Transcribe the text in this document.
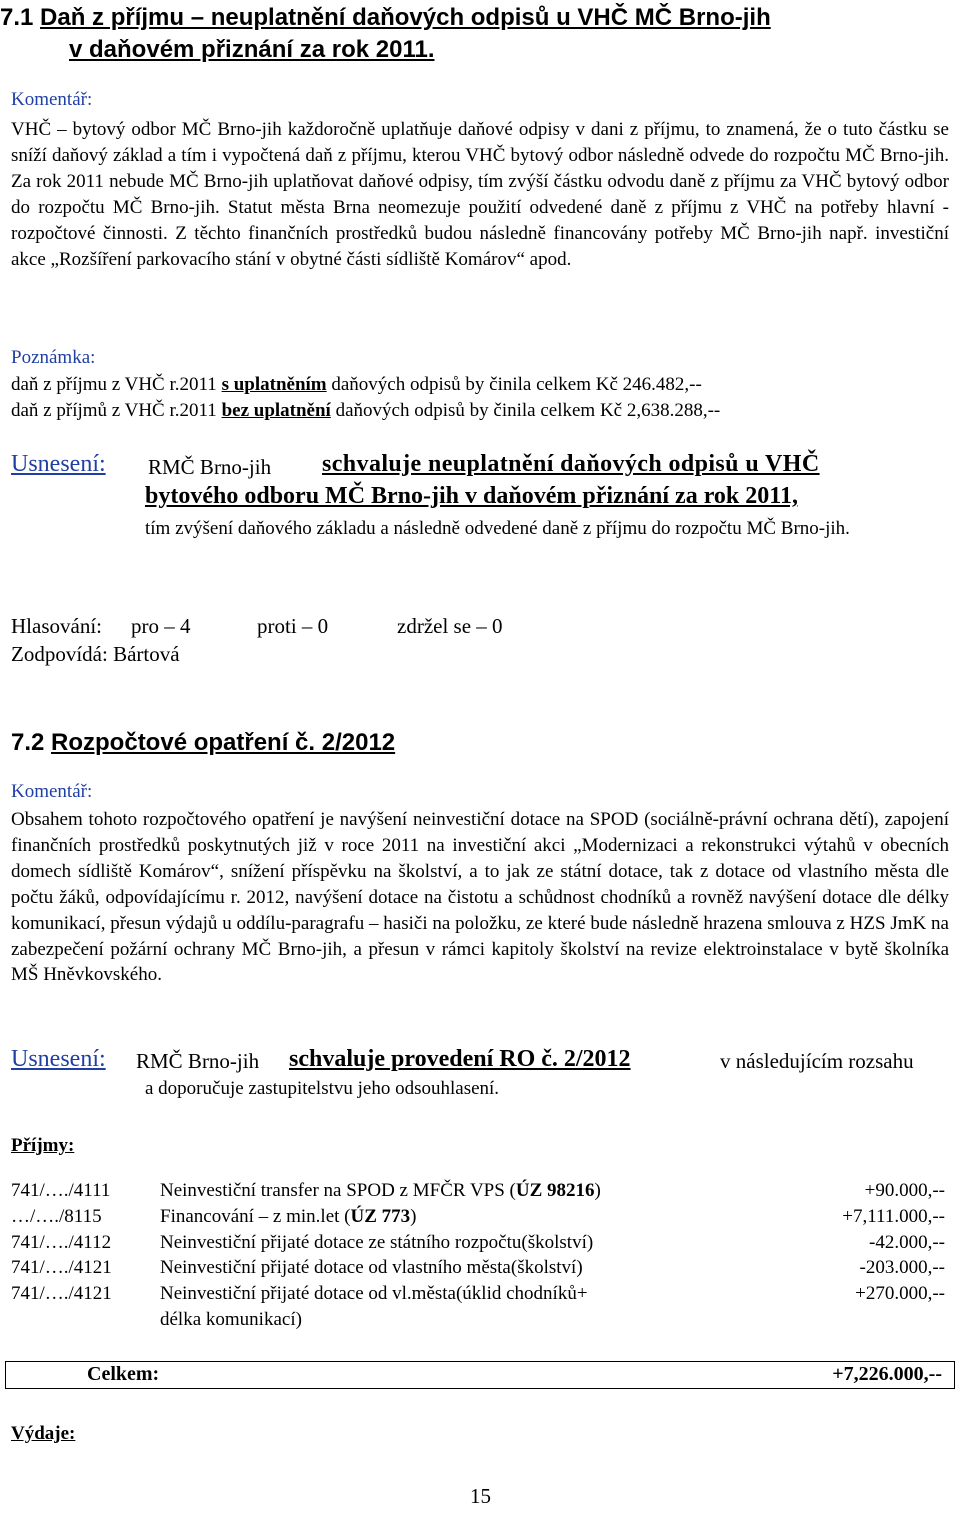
7.1 Daň z příjmu – neuplatnění daňových odpisů u VHČ MČ Brno-jih
v daňovém přiznání za rok 2011.
Komentář:
VHČ – bytový odbor MČ Brno-jih každoročně uplatňuje daňové odpisy v dani z příjmu, to znamená, že o tuto částku se sníží daňový základ a tím i vypočtená daň z příjmu, kterou VHČ bytový odbor následně odvede do rozpočtu MČ Brno-jih. Za rok 2011 nebude MČ Brno-jih uplatňovat daňové odpisy, tím zvýší částku odvodu daně z příjmu za VHČ bytový odbor do rozpočtu MČ Brno-jih. Statut města Brna neomezuje použití odvedené daně z příjmu z VHČ na potřeby hlavní - rozpočtové činnosti. Z těchto finančních prostředků budou následně financovány potřeby MČ Brno-jih např. investiční akce „Rozšíření parkovacího stání v obytné části sídliště Komárov“ apod.
Poznámka:
daň z příjmu z VHČ r.2011 s uplatněním daňových odpisů by činila celkem Kč 246.482,--
daň z příjmů z VHČ r.2011 bez uplatnění daňových odpisů by činila celkem Kč 2,638.288,--
Usnesení: RMČ Brno-jih schvaluje neuplatnění daňových odpisů u VHČ
bytového odboru MČ Brno-jih v daňovém přiznání za rok 2011,
tím zvýšení daňového základu a následně odvedené daně z příjmu do rozpočtu MČ Brno-jih.
Hlasování: pro – 4	proti – 0	zdržel se – 0
Zodpovídá: Bártová
7.2 Rozpočtové opatření č. 2/2012
Komentář:
Obsahem tohoto rozpočtového opatření je navýšení neinvestiční dotace na SPOD (sociálně-právní ochrana dětí), zapojení finančních prostředků poskytnutých již v roce 2011 na investiční akci „Modernizaci a rekonstrukci výtahů v obecních domech sídliště Komárov“, snížení příspěvku na školství, a to jak ze státní dotace, tak z dotace od vlastního města dle počtu žáků, odpovídajícímu r. 2012, navýšení dotace na čistotu a schůdnost chodníků a rovněž navýšení dotace dle délky komunikací, přesun výdajů u oddílu-paragrafu – hasiči na položku, ze které bude následně hrazena smlouva z HZS JmK na zabezpečení požární ochrany MČ Brno-jih, a přesun v rámci kapitoly školství na revize elektroinstalace v bytě školníka MŠ Hněvkovského.
Usnesení: RMČ Brno-jih schvaluje provedení RO č. 2/2012	v následujícím rozsahu
a doporučuje zastupitelstvu jeho odsouhlasení.
Příjmy:
741/…./4111	Neinvestiční transfer na SPOD z MFČR VPS (ÚZ 98216)	+90.000,--
…/…./8115	Financování – z min.let (ÚZ 773)	+7,111.000,--
741/…./4112	Neinvestiční přijaté dotace ze státního rozpočtu(školství)	-42.000,--
741/…./4121	Neinvestiční přijaté dotace od vlastního města(školství)	-203.000,--
741/…./4121	Neinvestiční přijaté dotace od vl.města(úklid chodníků+	+270.000,--
délka komunikací)
Celkem:	+7,226.000,--
Výdaje:
15
